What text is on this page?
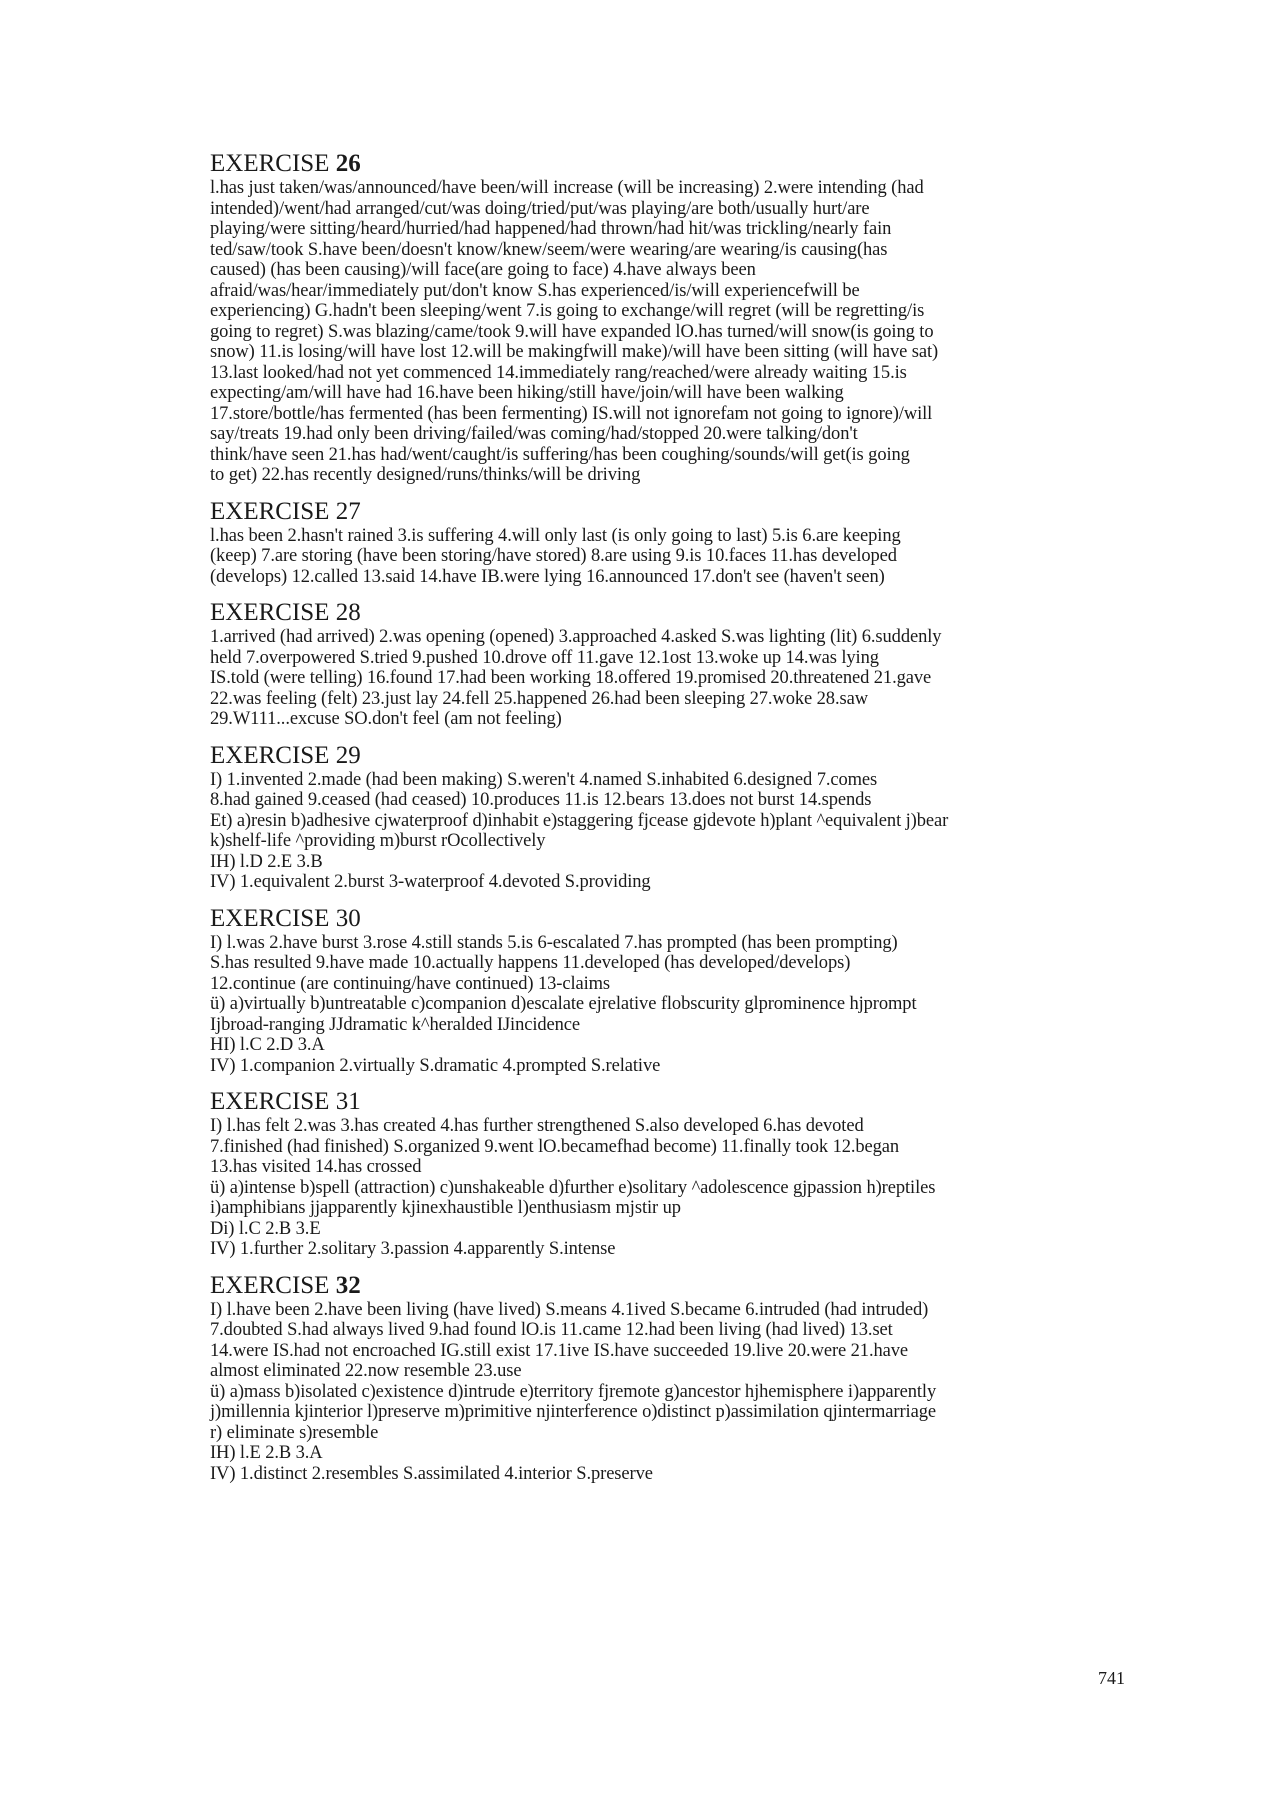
EXERCISE 26
l.has just taken/was/announced/have been/will increase (will be increasing) 2.were intending (had
intended)/went/had arranged/cut/was doing/tried/put/was playing/are both/usually hurt/are
playing/were sitting/heard/hurried/had happened/had thrown/had hit/was trickling/nearly fain
ted/saw/took S.have been/doesn't know/knew/seem/were wearing/are wearing/is causing(has
caused) (has been causing)/will face(are going to face) 4.have always been
afraid/was/hear/immediately put/don't know S.has experienced/is/will experiencefwill be
experiencing) G.hadn't been sleeping/went 7.is going to exchange/will regret (will be regretting/is
going to regret) S.was blazing/came/took 9.will have expanded lO.has turned/will snow(is going to
snow) 11.is losing/will have lost 12.will be makingfwill make)/will have been sitting (will have sat)
13.last looked/had not yet commenced 14.immediately rang/reached/were already waiting 15.is
expecting/am/will have had 16.have been hiking/still have/join/will have been walking
17.store/bottle/has fermented (has been fermenting) IS.will not ignorefam not going to ignore)/will
say/treats 19.had only been driving/failed/was coming/had/stopped 20.were talking/don't
think/have seen 21.has had/went/caught/is suffering/has been coughing/sounds/will get(is going
to get) 22.has recently designed/runs/thinks/will be driving
EXERCISE 27
l.has been 2.hasn't rained 3.is suffering 4.will only last (is only going to last) 5.is 6.are keeping
(keep) 7.are storing (have been storing/have stored) 8.are using 9.is 10.faces 11.has developed
(develops) 12.called 13.said 14.have IB.were lying 16.announced 17.don't see (haven't seen)
EXERCISE 28
1.arrived (had arrived) 2.was opening (opened) 3.approached 4.asked S.was lighting (lit) 6.suddenly
held 7.overpowered S.tried 9.pushed 10.drove off 11.gave 12.1ost 13.woke up 14.was lying
IS.told (were telling) 16.found 17.had been working 18.offered 19.promised 20.threatened 21.gave
22.was feeling (felt) 23.just lay 24.fell 25.happened 26.had been sleeping 27.woke 28.saw
29.W111...excuse SO.don't feel (am not feeling)
EXERCISE 29
I) 1.invented 2.made (had been making) S.weren't 4.named S.inhabited 6.designed 7.comes
8.had gained 9.ceased (had ceased) 10.produces 11.is 12.bears 13.does not burst 14.spends
Et) a)resin b)adhesive cjwaterproof d)inhabit e)staggering fjcease gjdevote h)plant ^equivalent j)bear
k)shelf-life ^providing m)burst rOcollectively
IH) l.D 2.E 3.B
IV) 1.equivalent 2.burst 3-waterproof 4.devoted S.providing
EXERCISE 30
I) l.was 2.have burst 3.rose 4.still stands 5.is 6-escalated 7.has prompted (has been prompting)
S.has resulted 9.have made 10.actually happens 11.developed (has developed/develops)
12.continue (are continuing/have continued) 13-claims
ü) a)virtually b)untreatable c)companion d)escalate ejrelative flobscurity glprominence hjprompt
Ijbroad-ranging JJdramatic k^heralded IJincidence
HI) l.C 2.D 3.A
IV) 1.companion 2.virtually S.dramatic 4.prompted S.relative
EXERCISE 31
I) l.has felt 2.was 3.has created 4.has further strengthened S.also developed 6.has devoted
7.finished (had finished) S.organized 9.went lO.becamefhad become) 11.finally took 12.began
13.has visited 14.has crossed
ü) a)intense b)spell (attraction) c)unshakeable d)further e)solitary ^adolescence gjpassion h)reptiles
i)amphibians jjapparently kjinexhaustible l)enthusiasm mjstir up
Di) l.C 2.B 3.E
IV) 1.further 2.solitary 3.passion 4.apparently S.intense
EXERCISE 32
I) l.have been 2.have been living (have lived) S.means 4.1ived S.became 6.intruded (had intruded)
7.doubted S.had always lived 9.had found lO.is 11.came 12.had been living (had lived) 13.set
14.were IS.had not encroached IG.still exist 17.1ive IS.have succeeded 19.live 20.were 21.have
almost eliminated 22.now resemble 23.use
ü) a)mass b)isolated c)existence d)intrude e)territory fjremote g)ancestor hjhemisphere i)apparently
j)millennia kjinterior l)preserve m)primitive njinterference o)distinct p)assimilation qjintermarriage
r) eliminate s)resemble
IH) l.E 2.B 3.A
IV) 1.distinct 2.resembles S.assimilated 4.interior S.preserve
741
